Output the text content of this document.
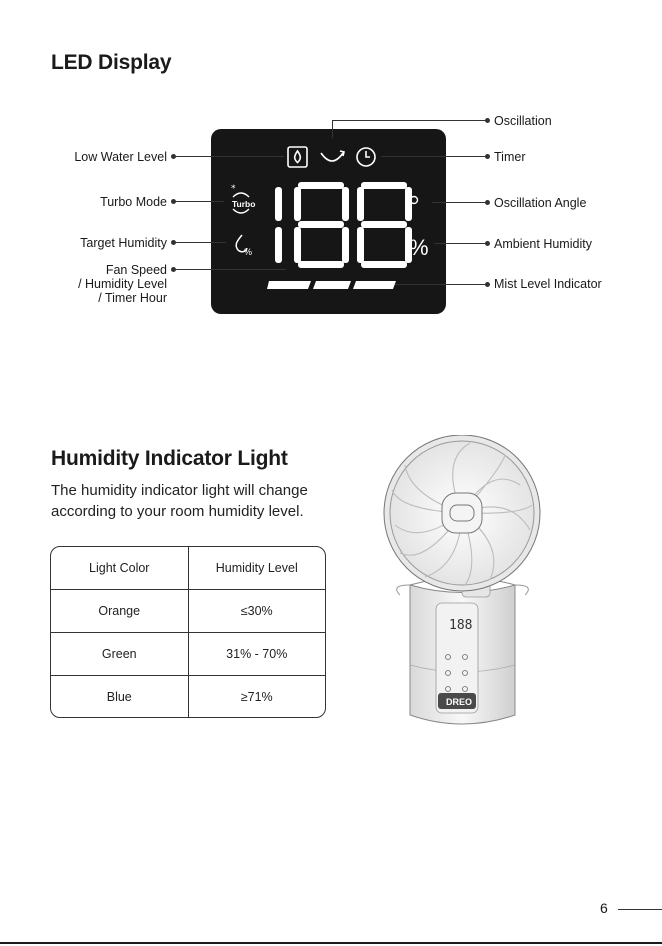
LED Display
*
Turbo
%	%
Low Water Level
Turbo Mode
Target Humidity
Fan Speed
/ Humidity Level
/ Timer Hour
Oscillation
Timer
Oscillation Angle
Ambient Humidity
Mist Level Indicator
Humidity Indicator Light
The humidity indicator light will change
according to your room humidity level.
Light Color	Humidity Level
Orange	≤30%
Green	31% - 70%
Blue	≥71%
188
DREO
6
